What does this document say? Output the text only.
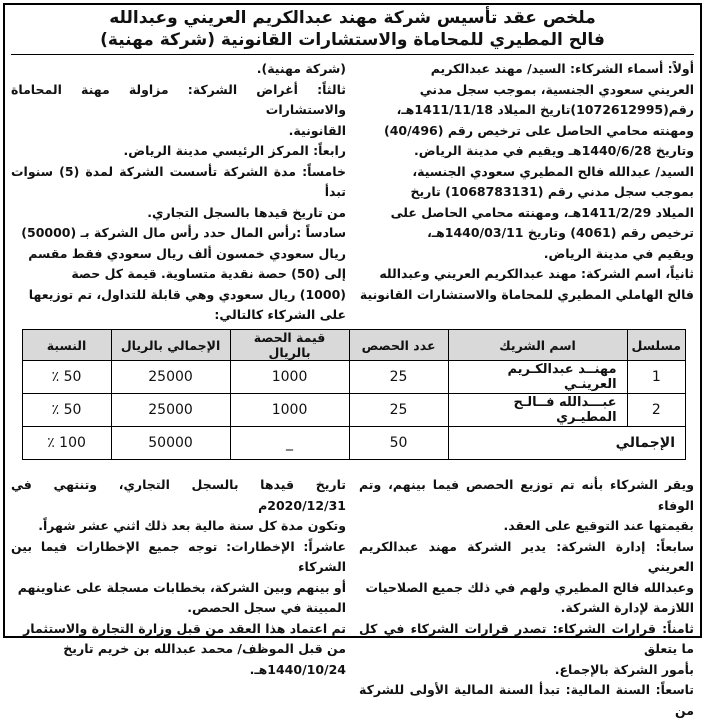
ملخص عقد تأسيس شركة مهند عبدالكريم العريني وعبدالله
فالح المطيري للمحاماة والاستشارات القانونية (شركة مهنية)

أولاً: أسماء الشركاء: السيد/ مهند عبدالكريم

العريني سعودي الجنسية، بموجب سجل مدني

رقم(1072612995)تاريخ الميلاد 1411/11/18هـ،

ومهنته محامي الحاصل على ترخيص رقم (40/496)

وتاريخ 1440/6/28هـ ويقيم في مدينة الرياض.

السيد/ عبدالله فالح المطيري سعودي الجنسية،

بموجب سجل مدني رقم (1068783131) تاريخ

الميلاد 1411/2/29هـ، ومهنته محامي الحاصل على

ترخيص رقم (4061) وتاريخ 1440/03/11هـ،

ويقيم في مدينة الرياض.

ثانياً، اسم الشركة: مهند عبدالكريم العريني وعبدالله

فالح الهاملي المطيري للمحاماة والاستشارات القانونية

(شركة مهنية).

ثالثاً: أغراض الشركة: مزاولة مهنة المحاماة والاستشارات

القانونية.

رابعاً: المركز الرئيسي مدينة الرياض.

خامساً: مدة الشركة تأسست الشركة لمدة (5) سنوات تبدأ

من تاريخ قيدها بالسجل التجاري.

سادساً :رأس المال حدد رأس مال الشركة بـ (50000)

ريال سعودي خمسون ألف ريال سعودي فقط مقسم

إلى (50) حصة نقدية متساوية. قيمة كل حصة

(1000) ريال سعودي وهي قابلة للتداول، تم توزيعها

على الشركاء كالتالي:

مسلسل	اسم الشريك	عدد الحصص	قيمة الحصة بالريال	الإجمالي بالريال	النسبة
1	مهنــد عبدالكـريم العرينـي	25	1000	25000	50 ٪
2	عبـــدالله فــالـح المطيـري	25	1000	25000	50 ٪
الإجمالي		50	_	50000	100 ٪

ويقر الشركاء بأنه تم توزيع الحصص فيما بينهم، وتم الوفاء

بقيمتها عند التوقيع على العقد.

سابعاً: إدارة الشركة: يدير الشركة مهند عبدالكريم العريني

وعبدالله فالح المطيري ولهم في ذلك جميع الصلاحيات

اللازمة لإدارة الشركة.

ثامناً: قرارات الشركاء: تصدر قرارات الشركاء في كل ما يتعلق

بأمور الشركة بالإجماع.

تاسعاً: السنة المالية: تبدأ السنة المالية الأولى للشركة من

تاريخ قيدها بالسجل التجاري، وتنتهي في 2020/12/31م

وتكون مدة كل سنة مالية بعد ذلك اثني عشر شهراً.

عاشراً: الإخطارات: توجه جميع الإخطارات فيما بين الشركاء

أو بينهم وبين الشركة، بخطابات مسجلة على عناوينهم

المبينة في سجل الحصص.

تم اعتماد هذا العقد من قبل وزارة التجارة والاستثمار

من قبل الموظف/ محمد عبدالله بن خريم تاريخ

1440/10/24هـ.
